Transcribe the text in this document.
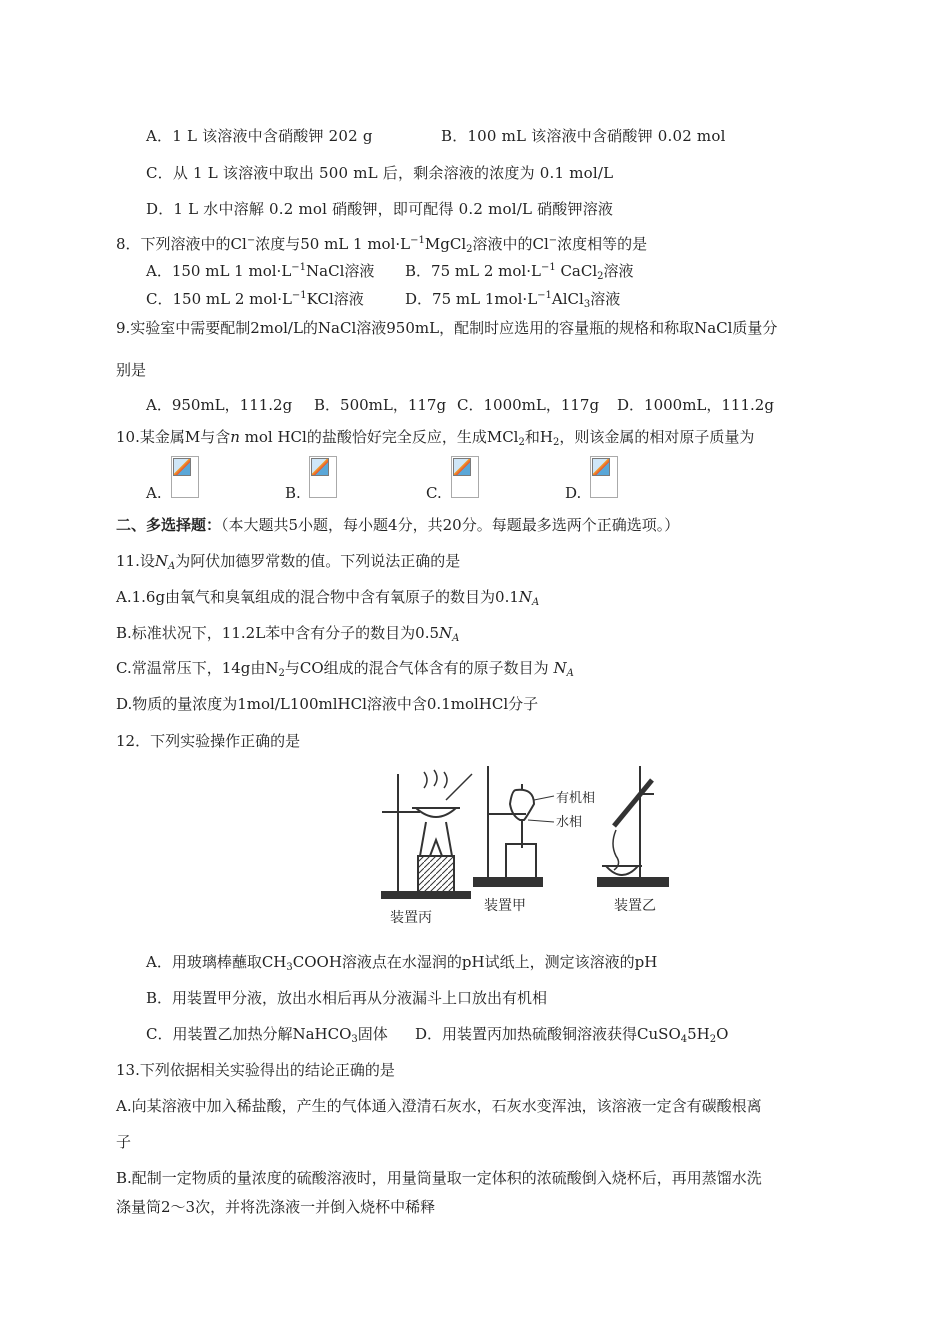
A．1 L 该溶液中含硝酸钾 202 g	B．100 mL 该溶液中含硝酸钾 0.02 mol
C．从 1 L 该溶液中取出 500 mL 后，剩余溶液的浓度为 0.1 mol/L
D．1 L 水中溶解 0.2 mol 硝酸钾，即可配得 0.2 mol/L 硝酸钾溶液
8．下列溶液中的Cl−浓度与50 mL 1 $mol\cdot L^{-1}MgCl_2$溶液中的Cl−浓度相等的是
A．150 mL 1 $mol\cdot L^{-1}NaCl$溶液 B．75 mL 2 $mol\cdot L^{-1}$ CaCl$_2$溶液
C．150 mL 2 $mol\cdot L^{-1}KCl$溶液	D．75 mL $1mol\cdot L^{-1}AlCl_3$溶液
9.实验室中需要配制2mol/L的NaCl溶液950mL，配制时应选用的容量瓶的规格和称取NaCl质量分
别是
A．950mL，111.2g B．500mL，117g C．1000mL，117g D．1000mL，111.2g
10.某金属M与含n mol HCl的盐酸恰好完全反应，生成MCl$_2$和$H_2$，则该金属的相对原子质量为
A.	B.	C.	D.
二、多选择题：（本大题共5小题，每小题4分，共20分。每题最多选两个正确选项。）
11.设$N_A$为阿伏加德罗常数的值。下列说法正确的是
A.1.6g由氧气和臭氧组成的混合物中含有氧原子的数目为$0.1N_A$
B.标准状况下，11.2L苯中含有分子的数目为$0.5N_A$
C.常温常压下，14g由$N_2$与CO组成的混合气体含有的原子数目为 $N_A$
D.物质的量浓度为1mol/L100mlHCl溶液中含0.1molHCl分子
12．下列实验操作正确的是
有机相
水相
装置丙
装置甲	装置乙
A．用玻璃棒蘸取$CH_3COOH$溶液点在水湿润的pH试纸上，测定该溶液的pH
B．用装置甲分液，放出水相后再从分液漏斗上口放出有机相
C．用装置乙加热分解NaHCO$_3$固体 D．用装置丙加热硫酸铜溶液获得$CuSO_45H_2O$
13.下列依据相关实验得出的结论正确的是
A.向某溶液中加入稀盐酸，产生的气体通入澄清石灰水，石灰水变浑浊，该溶液一定含有碳酸根离
子
B.配制一定物质的量浓度的硫酸溶液时，用量筒量取一定体积的浓硫酸倒入烧杯后，再用蒸馏水洗
涤量筒2～3次，并将洗涤液一并倒入烧杯中稀释
